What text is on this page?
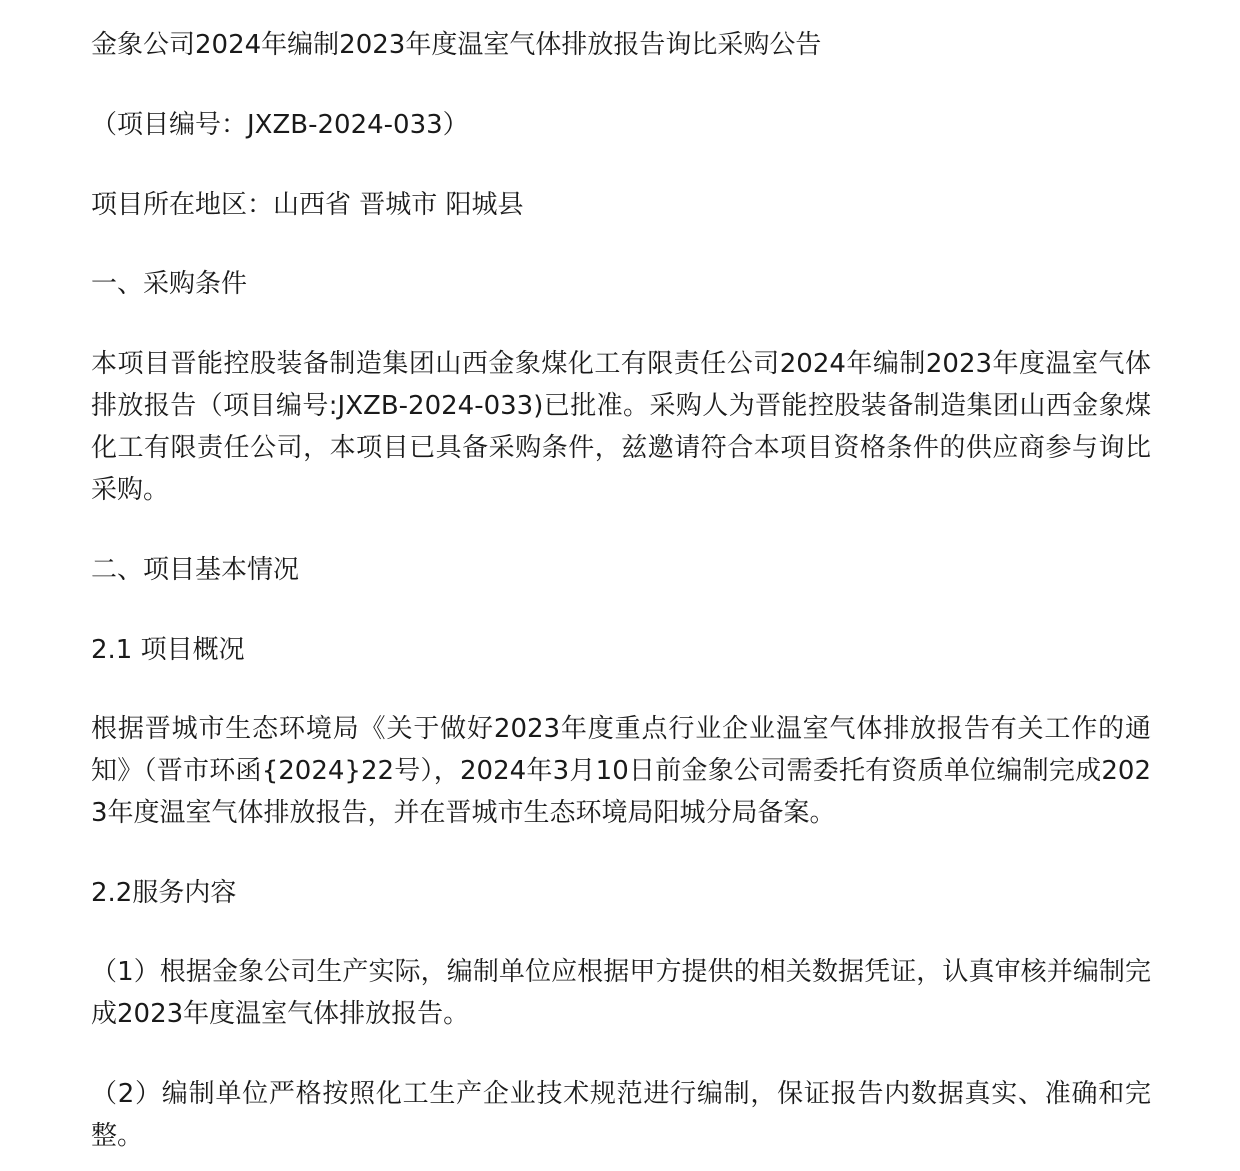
金象公司2024年编制2023年度温室气体排放报告询比采购公告

（项目编号：JXZB-2024-033）

项目所在地区：山西省 晋城市 阳城县

一、采购条件

本项目晋能控股装备制造集团山西金象煤化工有限责任公司2024年编制2023年度温室气体排放报告（项目编号:JXZB-2024-033)已批准。采购人为晋能控股装备制造集团山西金象煤化工有限责任公司，本项目已具备采购条件，兹邀请符合本项目资格条件的供应商参与询比采购。

二、项目基本情况

2.1 项目概况

根据晋城市生态环境局《关于做好2023年度重点行业企业温室气体排放报告有关工作的通知》（晋市环函{2024}22号），2024年3月10日前金象公司需委托有资质单位编制完成2023年度温室气体排放报告，并在晋城市生态环境局阳城分局备案。

2.2服务内容

（1）根据金象公司生产实际，编制单位应根据甲方提供的相关数据凭证，认真审核并编制完成2023年度温室气体排放报告。

（2）编制单位严格按照化工生产企业技术规范进行编制，保证报告内数据真实、准确和完整。
